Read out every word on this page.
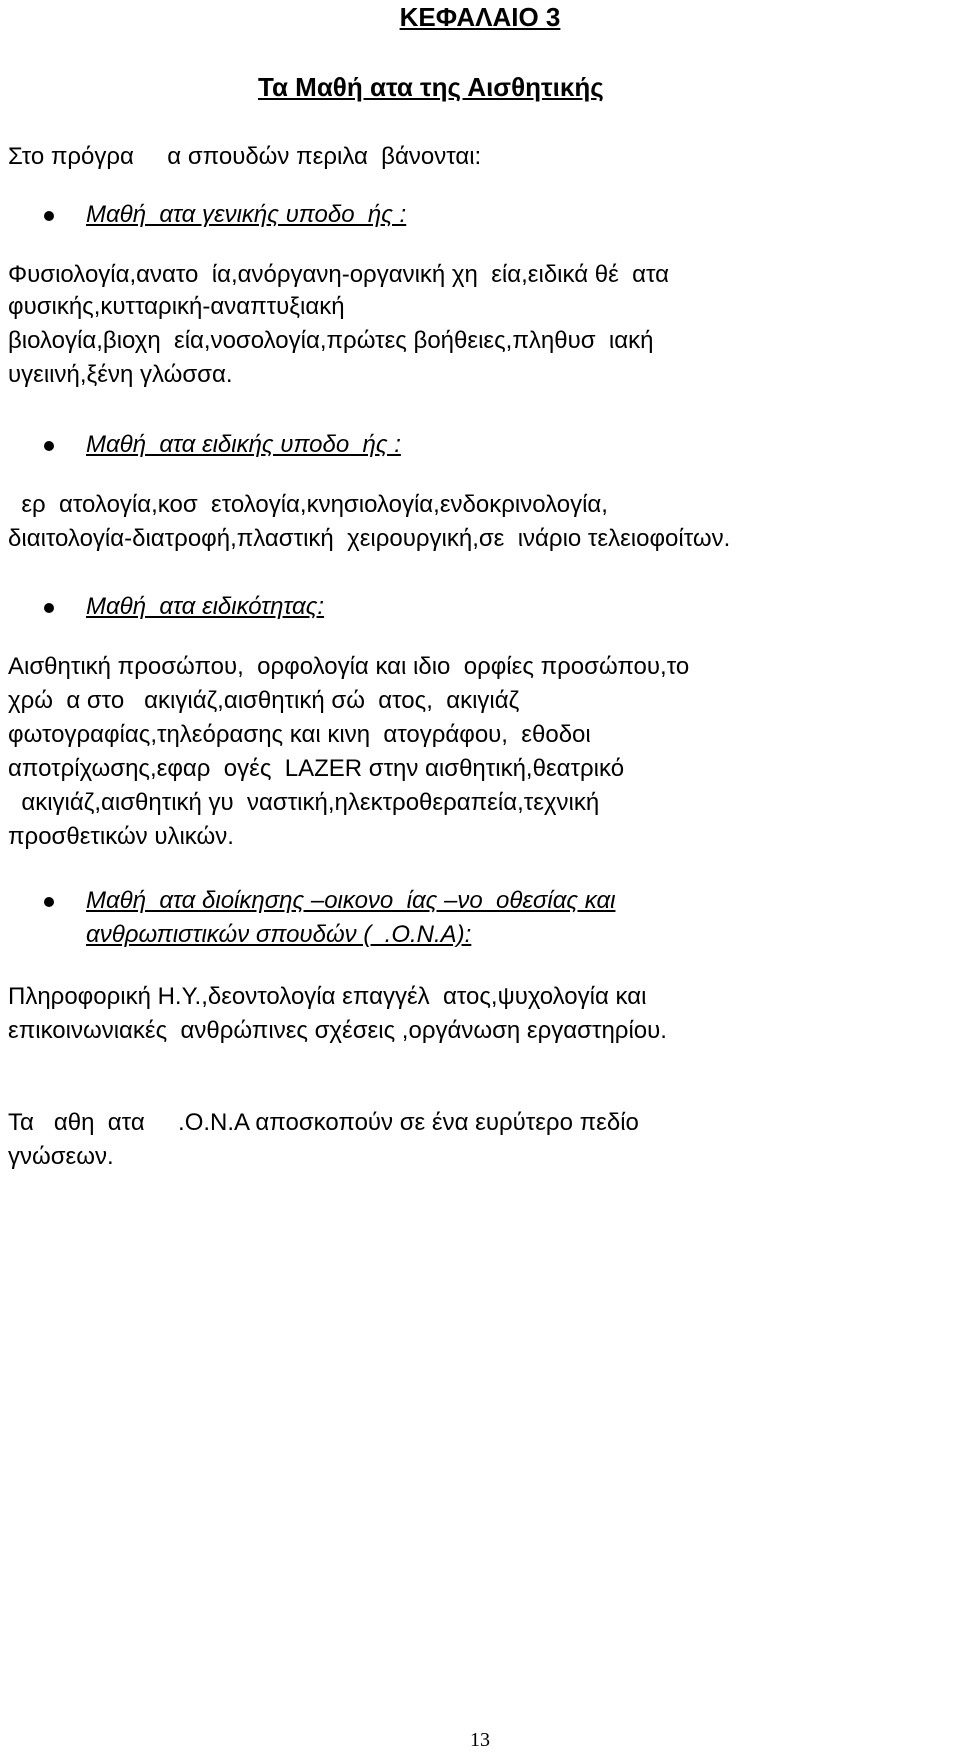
ΚΕΦΑΛΑΙΟ 3
Τα Μαθή ατα της Αισθητικής

Στο πρόγρα     α σπουδών περιλα  βάνονται:

Μαθή  ατα γενικής υποδο  ής :

Φυσιολογία,ανατο  ία,ανόργανη-οργανική χη  εία,ειδικά θέ  ατα

φυσικής,κυτταρική-αναπτυξιακή

βιολογία,βιοχη  εία,νοσολογία,πρώτες βοήθειες,πληθυσ  ιακή

υγειινή,ξένη γλώσσα.

Μαθή  ατα ειδικής υποδο  ής :

ερ  ατολογία,κοσ  ετολογία,κνησιολογία,ενδοκρινολογία,

διαιτολογία-διατροφή,πλαστική  χειρουργική,σε  ινάριο τελειοφοίτων.

Μαθή  ατα ειδικότητας:

Αισθητική προσώπου,  ορφολογία και ιδιο  ορφίες προσώπου,το

χρώ  α στο   ακιγιάζ,αισθητική σώ  ατος,  ακιγιάζ

φωτογραφίας,τηλεόρασης και κινη  ατογράφου,  εθοδοι

αποτρίχωσης,εφαρ  ογές  LAZER στην αισθητική,θεατρικό

ακιγιάζ,αισθητική γυ  ναστική,ηλεκτροθεραπεία,τεχνική

προσθετικών υλικών.

Μαθή  ατα διοίκησης –οικονο  ίας –νο  οθεσίας και
ανθρωπιστικών σπουδών (  .Ο.Ν.Α):

Πληροφορική Η.Υ.,δεοντολογία επαγγέλ  ατος,ψυχολογία και

επικοινωνιακές  ανθρώπινες σχέσεις ,οργάνωση εργαστηρίου.

Τα   αθη  ατα     .Ο.Ν.Α αποσκοπούν σε ένα ευρύτερο πεδίο

γνώσεων.

13
